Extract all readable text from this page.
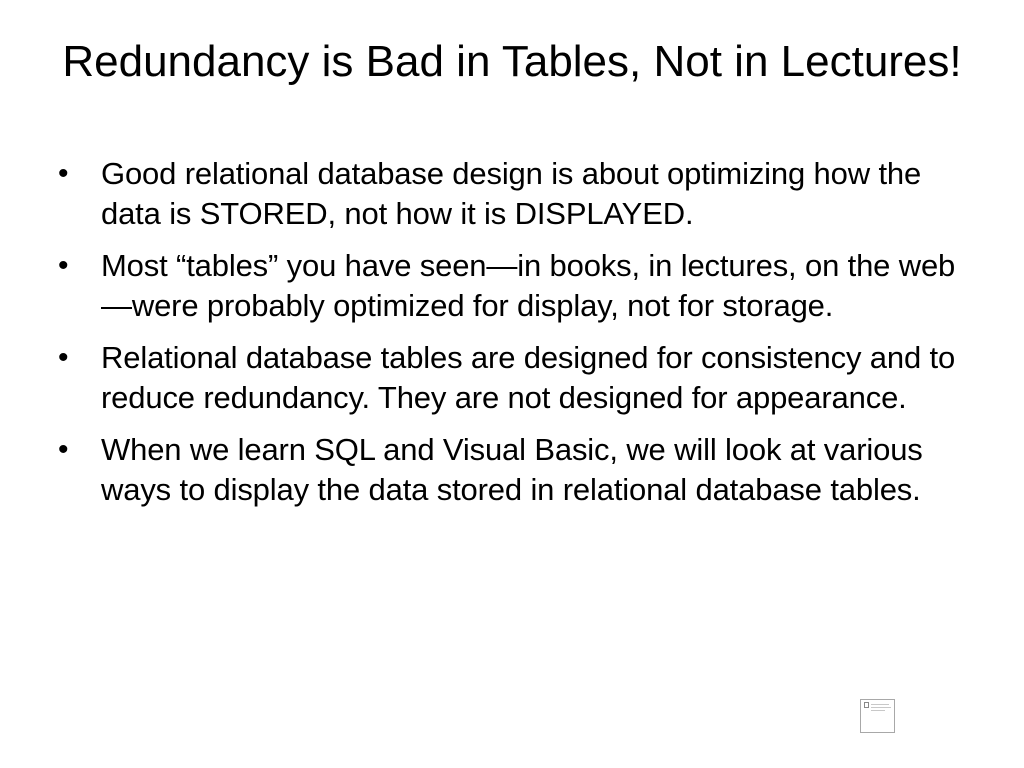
Redundancy is Bad in Tables, Not in Lectures!
•	Good relational database design is about optimizing how the data is STORED, not how it is DISPLAYED.
•	Most “tables” you have seen—in books, in lectures, on the web—were probably optimized for display, not for storage.
•	Relational database tables are designed for consistency and to reduce redundancy. They are not designed for appearance.
•	When we learn SQL and Visual Basic, we will look at various ways to display the data stored in relational database tables.
